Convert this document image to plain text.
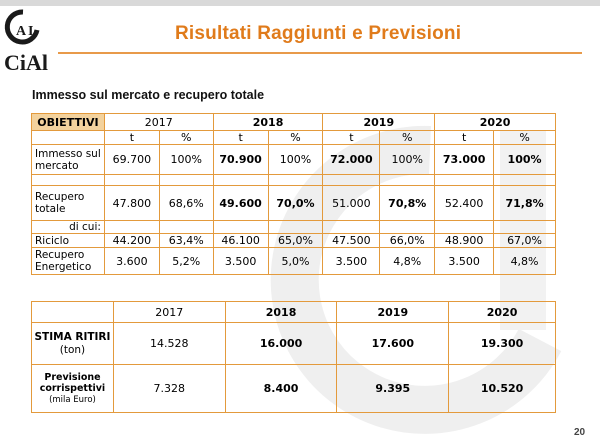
A I
CiAl
Risultati Raggiunti e Previsioni
Immesso sul mercato e recupero totale
OBIETTIVI	2017		2018		2019		2020	
	t	%	t	%	t	%	t	%
Immesso sul mercato	69.700	100%	70.900	100%	72.000	100%	73.000	100%

Recupero totale	47.800	68,6%	49.600	70,0%	51.000	70,8%	52.400	71,8%
di cui:								
Riciclo	44.200	63,4%	46.100	65,0%	47.500	66,0%	48.900	67,0%
Recupero Energetico	3.600	5,2%	3.500	5,0%	3.500	4,8%	3.500	4,8%
	2017	2018	2019	2020
STIMA RITIRI
(ton)	14.528	16.000	17.600	19.300
Previsione corrispettivi
(mila Euro)	7.328	8.400	9.395	10.520
20
